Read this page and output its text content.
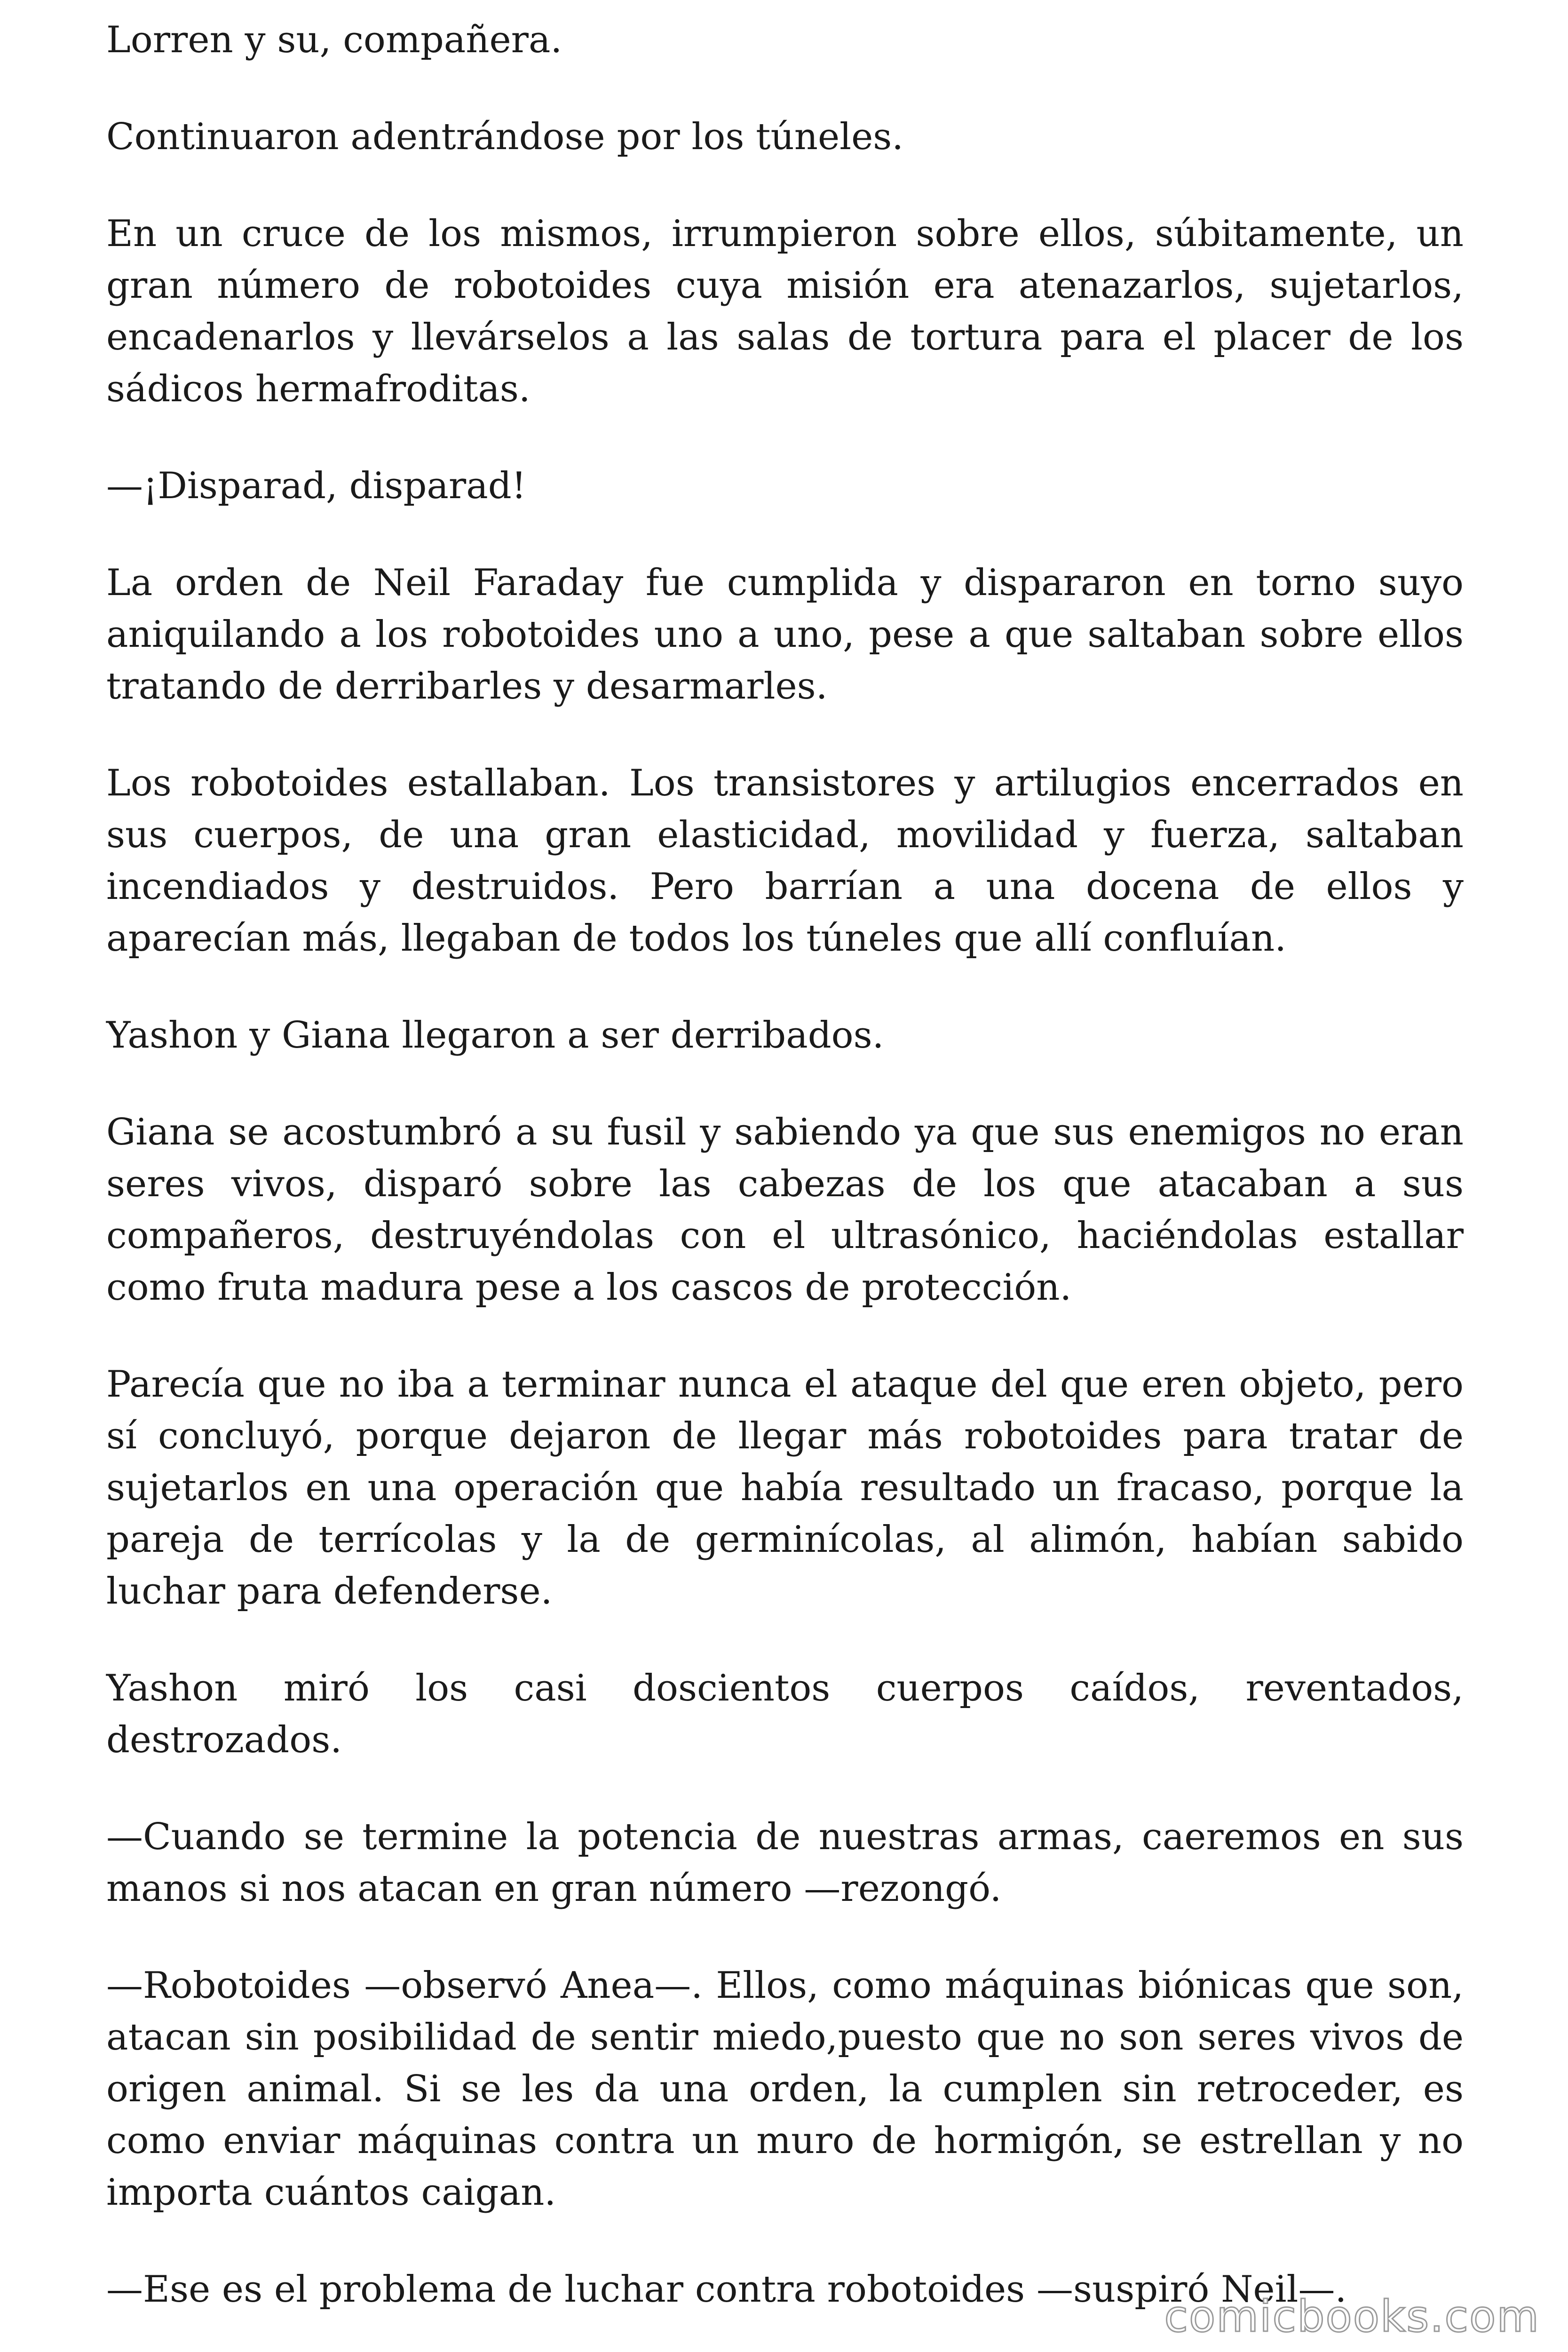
Lorren y su, compañera.

Continuaron adentrándose por los túneles.

En un cruce de los mismos, irrumpieron sobre ellos, súbitamente, un gran número de robotoides cuya misión era atenazarlos, sujetarlos, encadenarlos y llevárselos a las salas de tortura para el placer de los sádicos hermafroditas.

—¡Disparad, disparad!

La orden de Neil Faraday fue cumplida y dispararon en torno suyo aniquilando a los robotoides uno a uno, pese a que saltaban sobre ellos tratando de derribarles y desarmarles.

Los robotoides estallaban. Los transistores y artilugios encerrados en sus cuerpos, de una gran elasticidad, movilidad y fuerza, saltaban incendiados y destruidos. Pero barrían a una docena de ellos y aparecían más, llegaban de todos los túneles que allí confluían.

Yashon y Giana llegaron a ser derribados.

Giana se acostumbró a su fusil y sabiendo ya que sus enemigos no eran seres vivos, disparó sobre las cabezas de los que atacaban a sus compañeros, destruyéndolas con el ultrasónico, haciéndolas estallar como fruta madura pese a los cascos de protección.

Parecía que no iba a terminar nunca el ataque del que eren objeto, pero sí concluyó, porque dejaron de llegar más robotoides para tratar de sujetarlos en una operación que había resultado un fracaso, porque la pareja de terrícolas y la de germinícolas, al alimón, habían sabido luchar para defenderse.

Yashon miró los casi doscientos cuerpos caídos, reventados, destrozados.

—Cuando se termine la potencia de nuestras armas, caeremos en sus manos si nos atacan en gran número —rezongó.

—Robotoides —observó Anea—. Ellos, como máquinas biónicas que son, atacan sin posibilidad de sentir miedo,puesto que no son seres vivos de origen animal. Si se les da una orden, la cumplen sin retroceder, es como enviar máquinas contra un muro de hormigón, se estrellan y no importa cuántos caigan.

—Ese es el problema de luchar contra robotoides —suspiró Neil—.

comicbooks.com
